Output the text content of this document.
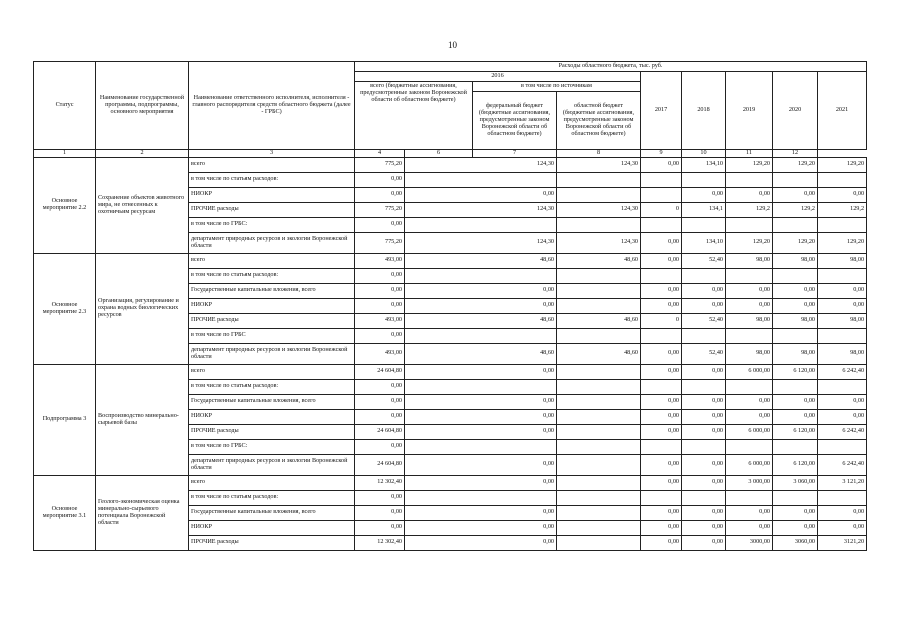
10
Статус	Наименование государственной программы, подпрограммы, основного мероприятия	Наименование ответственного исполнителя, исполнителя - главного распорядителя средств областного бюджета (далее - ГРБС)	Расходы областного бюджета, тыс. руб.									
			2016				2017	2018	2019	2020	2021	
			всего (бюджетные ассигнования, предусмотренные законом Воронежской области об областном бюджете)		в том числе по источникам							
					федеральный бюджет (бюджетные ассигнования, предусмотренные законом Воронежской области об областном бюджете)	областной бюджет (бюджетные ассигнования, предусмотренные законом Воронежской области об областном бюджете)						
1	2	3	4	6	7	8	9	10	11	12		
Основное мероприятие 2.2	Сохранение объектов животного мира, не отнесенных к охотничьим ресурсам	всего	775,20	124,30		124,30	0,00	134,10	129,20	129,20	129,20	
		в том числе по статьям расходов:	0,00									
		НИОКР	0,00	0,00				0,00	0,00	0,00	0,00	
		ПРОЧИЕ расходы	775,20	124,30		124,30	0	134,1	129,2	129,2	129,2	
		в том числе по ГРБС:	0,00									
		департамент природных ресурсов и экологии Воронежской области	775,20	124,30		124,30	0,00	134,10	129,20	129,20	129,20	
Основное мероприятие 2.3	Организация, регулирование и охрана водных биологических ресурсов	всего	493,00	48,60		48,60	0,00	52,40	98,00	98,00	98,00	
		в том числе по статьям расходов:	0,00									
		Государственные капитальные вложения, всего	0,00	0,00			0,00	0,00	0,00	0,00	0,00	
		НИОКР	0,00	0,00			0,00	0,00	0,00	0,00	0,00	
		ПРОЧИЕ расходы	493,00	48,60		48,60	0	52,40	98,00	98,00	98,00	
		в том числе по ГРБС	0,00									
		департамент природных ресурсов и экологии Воронежской области	493,00	48,60		48,60	0,00	52,40	98,00	98,00	98,00	
Подпрограмма 3	Воспроизводство минерально-сырьевой базы	всего	24 604,80	0,00			0,00	0,00	6 000,00	6 120,00	6 242,40	
		в том числе по статьям расходов:	0,00									
		Государственные капитальные вложения, всего	0,00	0,00			0,00	0,00	0,00	0,00	0,00	
		НИОКР	0,00	0,00			0,00	0,00	0,00	0,00	0,00	
		ПРОЧИЕ расходы	24 604,80	0,00			0,00	0,00	6 000,00	6 120,00	6 242,40	
		в том числе по ГРБС:	0,00									
		департамент природных ресурсов и экологии Воронежской области	24 604,80	0,00			0,00	0,00	6 000,00	6 120,00	6 242,40	
Основное мероприятие 3.1	Геолого-экономическая оценка минерально-сырьевого потенциала Воронежской области	всего	12 302,40	0,00			0,00	0,00	3 000,00	3 060,00	3 121,20	
		в том числе по статьям расходов:	0,00									
		Государственные капитальные вложения, всего	0,00	0,00			0,00	0,00	0,00	0,00	0,00	
		НИОКР	0,00	0,00			0,00	0,00	0,00	0,00	0,00	
		ПРОЧИЕ расходы	12 302,40	0,00			0,00	0,00	3000,00	3060,00	3121,20	
